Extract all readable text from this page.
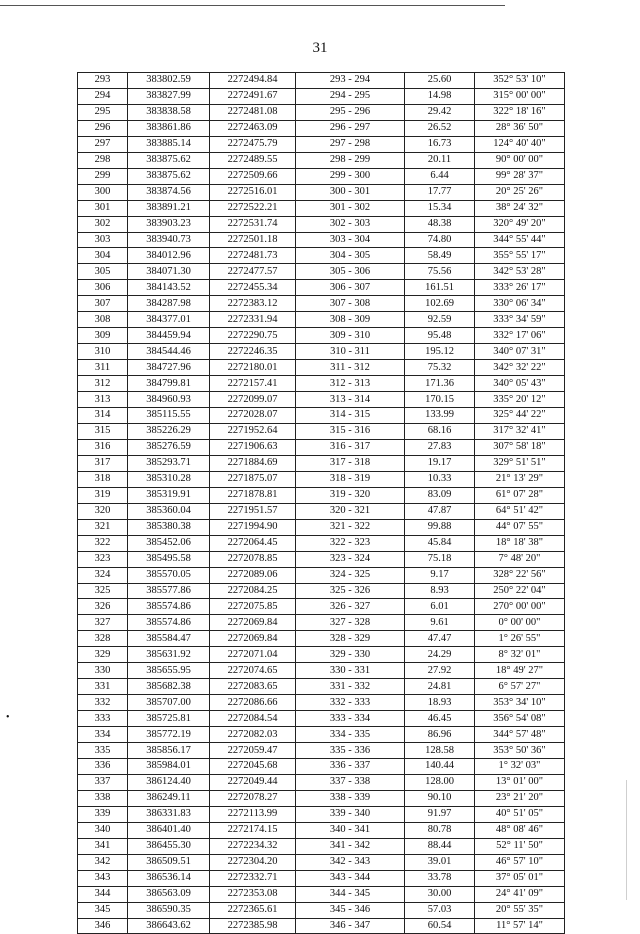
31
293	383802.59	2272494.84	293 - 294	25.60	352° 53' 10"
294	383827.99	2272491.67	294 - 295	14.98	315° 00' 00"
295	383838.58	2272481.08	295 - 296	29.42	322° 18' 16"
296	383861.86	2272463.09	296 - 297	26.52	28° 36' 50"
297	383885.14	2272475.79	297 - 298	16.73	124° 40' 40"
298	383875.62	2272489.55	298 - 299	20.11	90° 00' 00"
299	383875.62	2272509.66	299 - 300	6.44	99° 28' 37"
300	383874.56	2272516.01	300 - 301	17.77	20° 25' 26"
301	383891.21	2272522.21	301 - 302	15.34	38° 24' 32"
302	383903.23	2272531.74	302 - 303	48.38	320° 49' 20"
303	383940.73	2272501.18	303 - 304	74.80	344° 55' 44"
304	384012.96	2272481.73	304 - 305	58.49	355° 55' 17"
305	384071.30	2272477.57	305 - 306	75.56	342° 53' 28"
306	384143.52	2272455.34	306 - 307	161.51	333° 26' 17"
307	384287.98	2272383.12	307 - 308	102.69	330° 06' 34"
308	384377.01	2272331.94	308 - 309	92.59	333° 34' 59"
309	384459.94	2272290.75	309 - 310	95.48	332° 17' 06"
310	384544.46	2272246.35	310 - 311	195.12	340° 07' 31"
311	384727.96	2272180.01	311 - 312	75.32	342° 32' 22"
312	384799.81	2272157.41	312 - 313	171.36	340° 05' 43"
313	384960.93	2272099.07	313 - 314	170.15	335° 20' 12"
314	385115.55	2272028.07	314 - 315	133.99	325° 44' 22"
315	385226.29	2271952.64	315 - 316	68.16	317° 32' 41"
316	385276.59	2271906.63	316 - 317	27.83	307° 58' 18"
317	385293.71	2271884.69	317 - 318	19.17	329° 51' 51"
318	385310.28	2271875.07	318 - 319	10.33	21° 13' 29"
319	385319.91	2271878.81	319 - 320	83.09	61° 07' 28"
320	385360.04	2271951.57	320 - 321	47.87	64° 51' 42"
321	385380.38	2271994.90	321 - 322	99.88	44° 07' 55"
322	385452.06	2272064.45	322 - 323	45.84	18° 18' 38"
323	385495.58	2272078.85	323 - 324	75.18	7° 48' 20"
324	385570.05	2272089.06	324 - 325	9.17	328° 22' 56"
325	385577.86	2272084.25	325 - 326	8.93	250° 22' 04"
326	385574.86	2272075.85	326 - 327	6.01	270° 00' 00"
327	385574.86	2272069.84	327 - 328	9.61	0° 00' 00"
328	385584.47	2272069.84	328 - 329	47.47	1° 26' 55"
329	385631.92	2272071.04	329 - 330	24.29	8° 32' 01"
330	385655.95	2272074.65	330 - 331	27.92	18° 49' 27"
331	385682.38	2272083.65	331 - 332	24.81	6° 57' 27"
332	385707.00	2272086.66	332 - 333	18.93	353° 34' 10"
333	385725.81	2272084.54	333 - 334	46.45	356° 54' 08"
334	385772.19	2272082.03	334 - 335	86.96	344° 57' 48"
335	385856.17	2272059.47	335 - 336	128.58	353° 50' 36"
336	385984.01	2272045.68	336 - 337	140.44	1° 32' 03"
337	386124.40	2272049.44	337 - 338	128.00	13° 01' 00"
338	386249.11	2272078.27	338 - 339	90.10	23° 21' 20"
339	386331.83	2272113.99	339 - 340	91.97	40° 51' 05"
340	386401.40	2272174.15	340 - 341	80.78	48° 08' 46"
341	386455.30	2272234.32	341 - 342	88.44	52° 11' 50"
342	386509.51	2272304.20	342 - 343	39.01	46° 57' 10"
343	386536.14	2272332.71	343 - 344	33.78	37° 05' 01"
344	386563.09	2272353.08	344 - 345	30.00	24° 41' 09"
345	386590.35	2272365.61	345 - 346	57.03	20° 55' 35"
346	386643.62	2272385.98	346 - 347	60.54	11° 57' 14"
•
